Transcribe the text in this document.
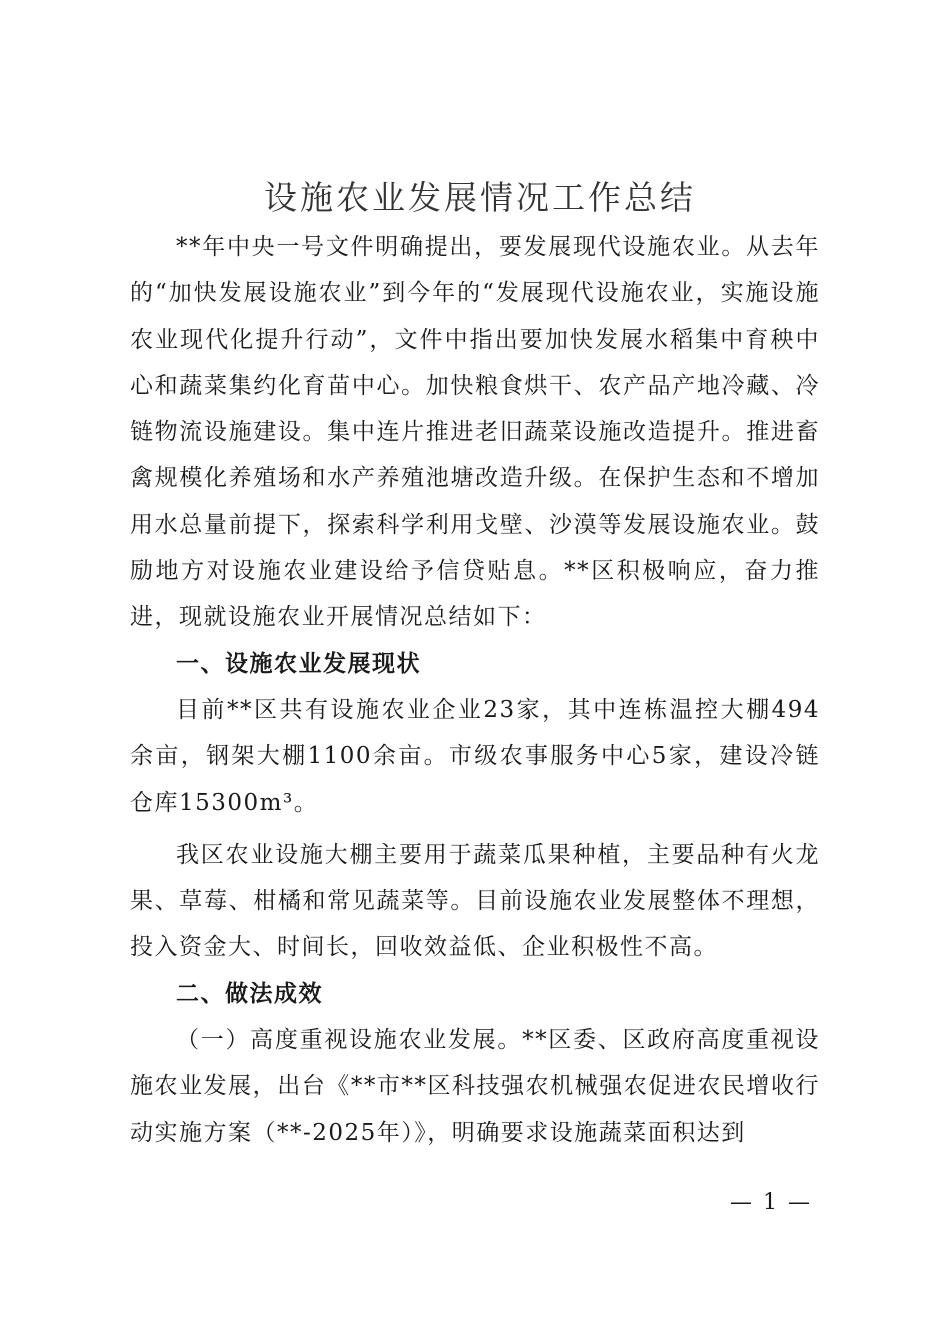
设施农业发展情况工作总结

**年中央一号文件明确提出，要发展现代设施农业。从去年的“加快发展设施农业”到今年的“发展现代设施农业，实施设施农业现代化提升行动”，文件中指出要加快发展水稻集中育秧中心和蔬菜集约化育苗中心。加快粮食烘干、农产品产地冷藏、冷链物流设施建设。集中连片推进老旧蔬菜设施改造提升。推进畜禽规模化养殖场和水产养殖池塘改造升级。在保护生态和不增加用水总量前提下，探索科学利用戈壁、沙漠等发展设施农业。鼓励地方对设施农业建设给予信贷贴息。**区积极响应，奋力推进，现就设施农业开展情况总结如下：

一、设施农业发展现状

目前**区共有设施农业企业23家，其中连栋温控大棚494余亩，钢架大棚1100余亩。市级农事服务中心5家，建设冷链仓库15300m³。

我区农业设施大棚主要用于蔬菜瓜果种植，主要品种有火龙果、草莓、柑橘和常见蔬菜等。目前设施农业发展整体不理想，投入资金大、时间长，回收效益低、企业积极性不高。

二、做法成效

（一）高度重视设施农业发展。**区委、区政府高度重视设施农业发展，出台《**市**区科技强农机械强农促进农民增收行动实施方案（**-2025年）》，明确要求设施蔬菜面积达到

— 1 —
